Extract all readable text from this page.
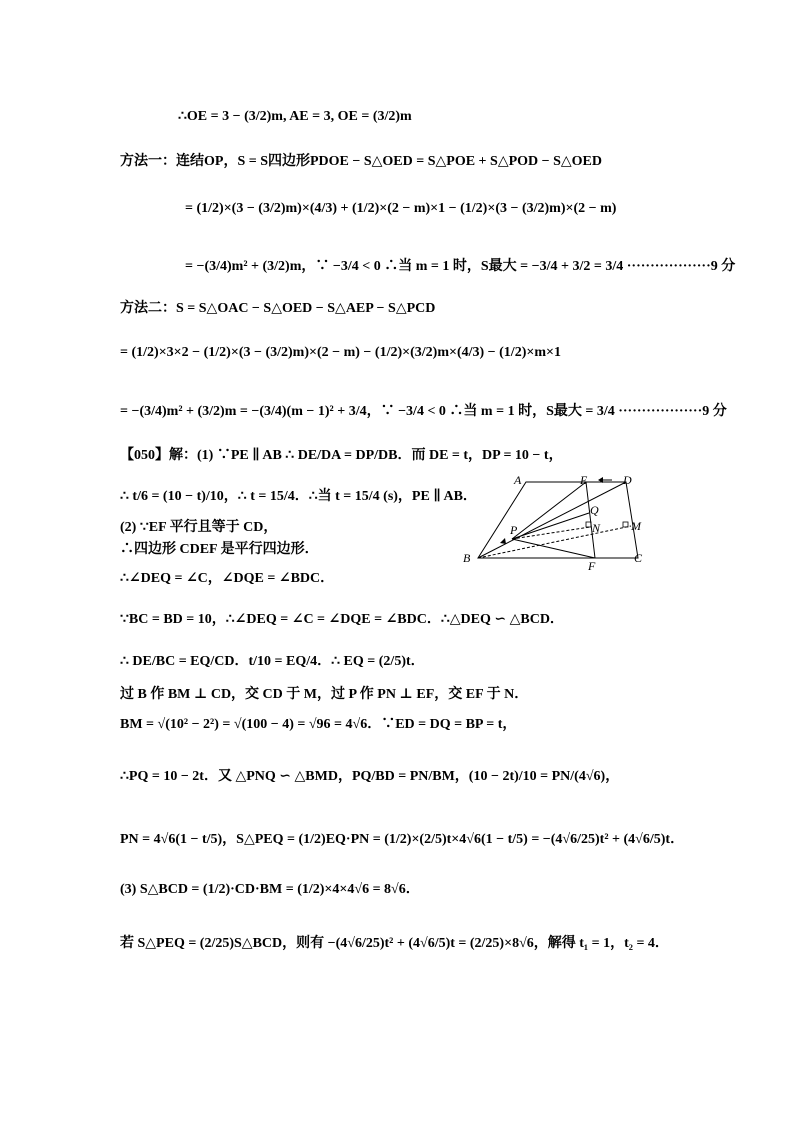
∴OE = 3 − (3/2)m, AE = 3, OE = (3/2)m
方法一：连结OP，S = S四边形PDOE − S△OED = S△POE + S△POD − S△OED
= (1/2)×(3 − (3/2)m)×(4/3) + (1/2)×(2 − m)×1 − (1/2)×(3 − (3/2)m)×(2 − m)
= −(3/4)m² + (3/2)m，∵ −3/4 < 0 ∴当 m = 1 时，S最大 = −3/4 + 3/2 = 3/4 ··················9 分
方法二：S = S△OAC − S△OED − S△AEP − S△PCD
= (1/2)×3×2 − (1/2)×(3 − (3/2)m)×(2 − m) − (1/2)×(3/2)m×(4/3) − (1/2)×m×1
= −(3/4)m² + (3/2)m = −(3/4)(m − 1)² + 3/4，∵ −3/4 < 0 ∴当 m = 1 时，S最大 = 3/4 ··················9 分
【050】解：(1) ∵PE ∥ AB ∴ DE/DA = DP/DB．而 DE = t，DP = 10 − t，
∴ t/6 = (10 − t)/10，∴ t = 15/4．∴当 t = 15/4 (s)，PE ∥ AB．
(2) ∵EF 平行且等于 CD，
∴四边形 CDEF 是平行四边形．
∴∠DEQ = ∠C，∠DQE = ∠BDC．
∵BC = BD = 10，∴∠DEQ = ∠C = ∠DQE = ∠BDC．∴△DEQ ∽ △BCD．
∴ DE/BC = EQ/CD．t/10 = EQ/4．∴ EQ = (2/5)t．
过 B 作 BM ⊥ CD，交 CD 于 M，过 P 作 PN ⊥ EF，交 EF 于 N．
BM = √(10² − 2²) = √(100 − 4) = √96 = 4√6．∵ED = DQ = BP = t，
∴PQ = 10 − 2t．又 △PNQ ∽ △BMD，PQ/BD = PN/BM，(10 − 2t)/10 = PN/(4√6)，
PN = 4√6(1 − t/5)，S△PEQ = (1/2)EQ·PN = (1/2)×(2/5)t×4√6(1 − t/5) = −(4√6/25)t² + (4√6/5)t．
(3) S△BCD = (1/2)·CD·BM = (1/2)×4×4√6 = 8√6．
若 S△PEQ = (2/25)S△BCD，则有 −(4√6/25)t² + (4√6/5)t = (2/25)×8√6，解得 t₁ = 1，t₂ = 4．
A	E	D
B
P
Q
N	M
C
F
